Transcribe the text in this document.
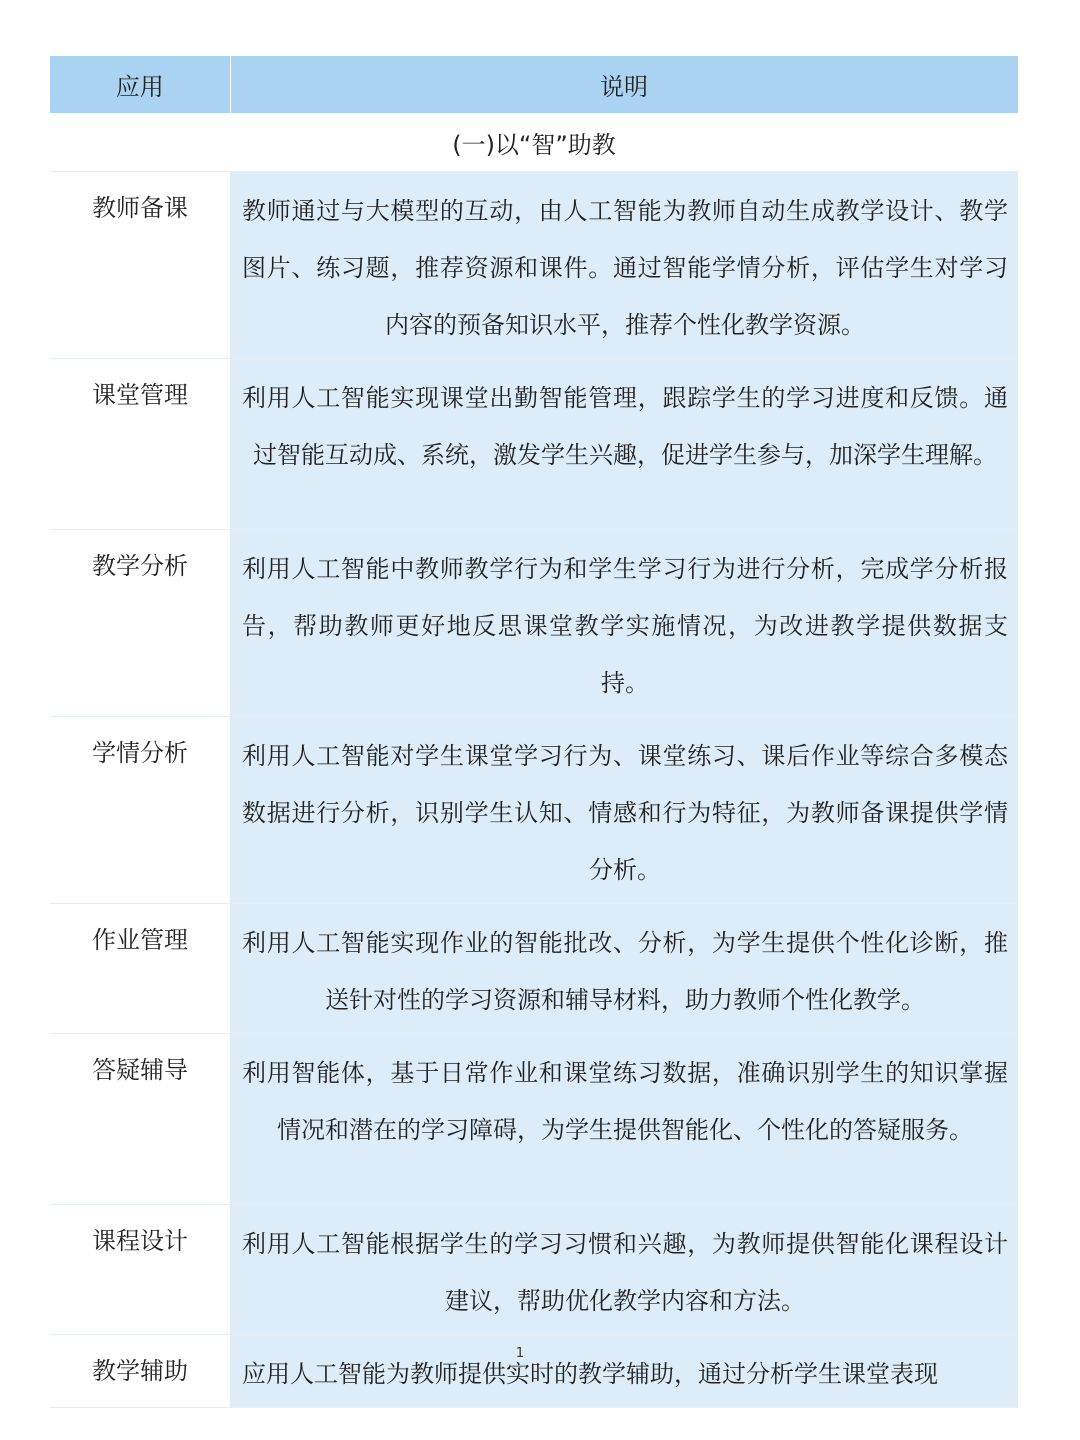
应用	说明
(一)以“智”助教	
教师备课	教师通过与大模型的互动，由人工智能为教师自动生成教学设计、教学图片、练习题，推荐资源和课件。通过智能学情分析，评估学生对学习内容的预备知识水平，推荐个性化教学资源。
课堂管理	利用人工智能实现课堂出勤智能管理，跟踪学生的学习进度和反馈。通过智能互动成、系统，激发学生兴趣，促进学生参与，加深学生理解。
教学分析	利用人工智能中教师教学行为和学生学习行为进行分析，完成学分析报告，帮助教师更好地反思课堂教学实施情况，为改进教学提供数据支持。
学情分析	利用人工智能对学生课堂学习行为、课堂练习、课后作业等综合多模态数据进行分析，识别学生认知、情感和行为特征，为教师备课提供学情分析。
作业管理	利用人工智能实现作业的智能批改、分析，为学生提供个性化诊断，推送针对性的学习资源和辅导材料，助力教师个性化教学。
答疑辅导	利用智能体，基于日常作业和课堂练习数据，准确识别学生的知识掌握情况和潜在的学习障碍，为学生提供智能化、个性化的答疑服务。
课程设计	利用人工智能根据学生的学习习惯和兴趣，为教师提供智能化课程设计建议，帮助优化教学内容和方法。
教学辅助	应用人工智能为教师提供实时的教学辅助，通过分析学生课堂表现
1
